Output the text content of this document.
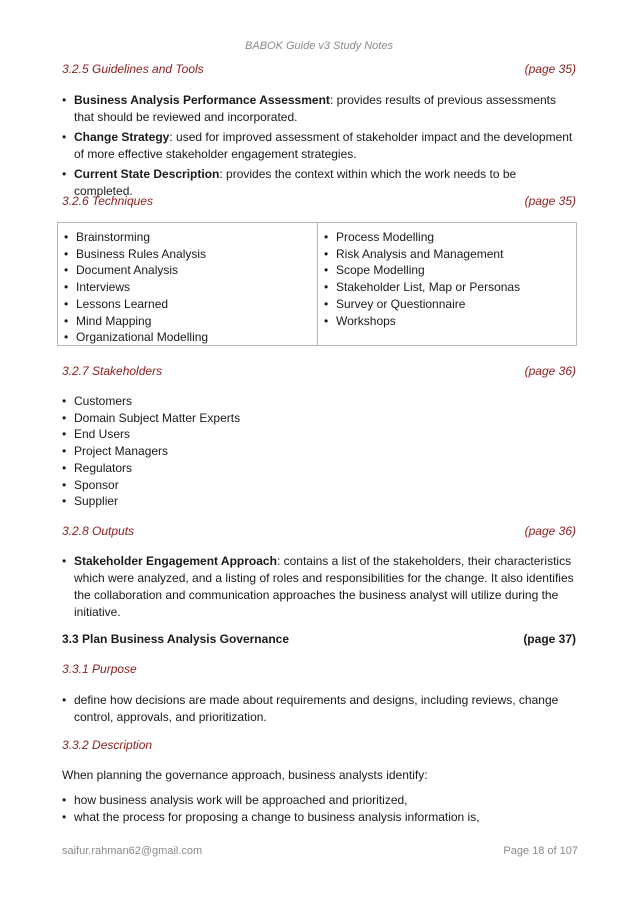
BABOK Guide v3 Study Notes
3.2.5 Guidelines and Tools	(page 35)
• Business Analysis Performance Assessment: provides results of previous assessments that should be reviewed and incorporated.
• Change Strategy: used for improved assessment of stakeholder impact and the development of more effective stakeholder engagement strategies.
• Current State Description: provides the context within which the work needs to be completed.
3.2.6 Techniques	(page 35)
• Brainstorming
• Business Rules Analysis
• Document Analysis
• Interviews
• Lessons Learned
• Mind Mapping
• Organizational Modelling
• Process Modelling
• Risk Analysis and Management
• Scope Modelling
• Stakeholder List, Map or Personas
• Survey or Questionnaire
• Workshops
3.2.7 Stakeholders	(page 36)
• Customers
• Domain Subject Matter Experts
• End Users
• Project Managers
• Regulators
• Sponsor
• Supplier
3.2.8 Outputs	(page 36)
• Stakeholder Engagement Approach: contains a list of the stakeholders, their characteristics which were analyzed, and a listing of roles and responsibilities for the change. It also identifies the collaboration and communication approaches the business analyst will utilize during the initiative.
3.3 Plan Business Analysis Governance	(page 37)
3.3.1 Purpose
• define how decisions are made about requirements and designs, including reviews, change control, approvals, and prioritization.
3.3.2 Description
When planning the governance approach, business analysts identify:
• how business analysis work will be approached and prioritized,
• what the process for proposing a change to business analysis information is,
saifur.rahman62@gmail.com	Page 18 of 107
